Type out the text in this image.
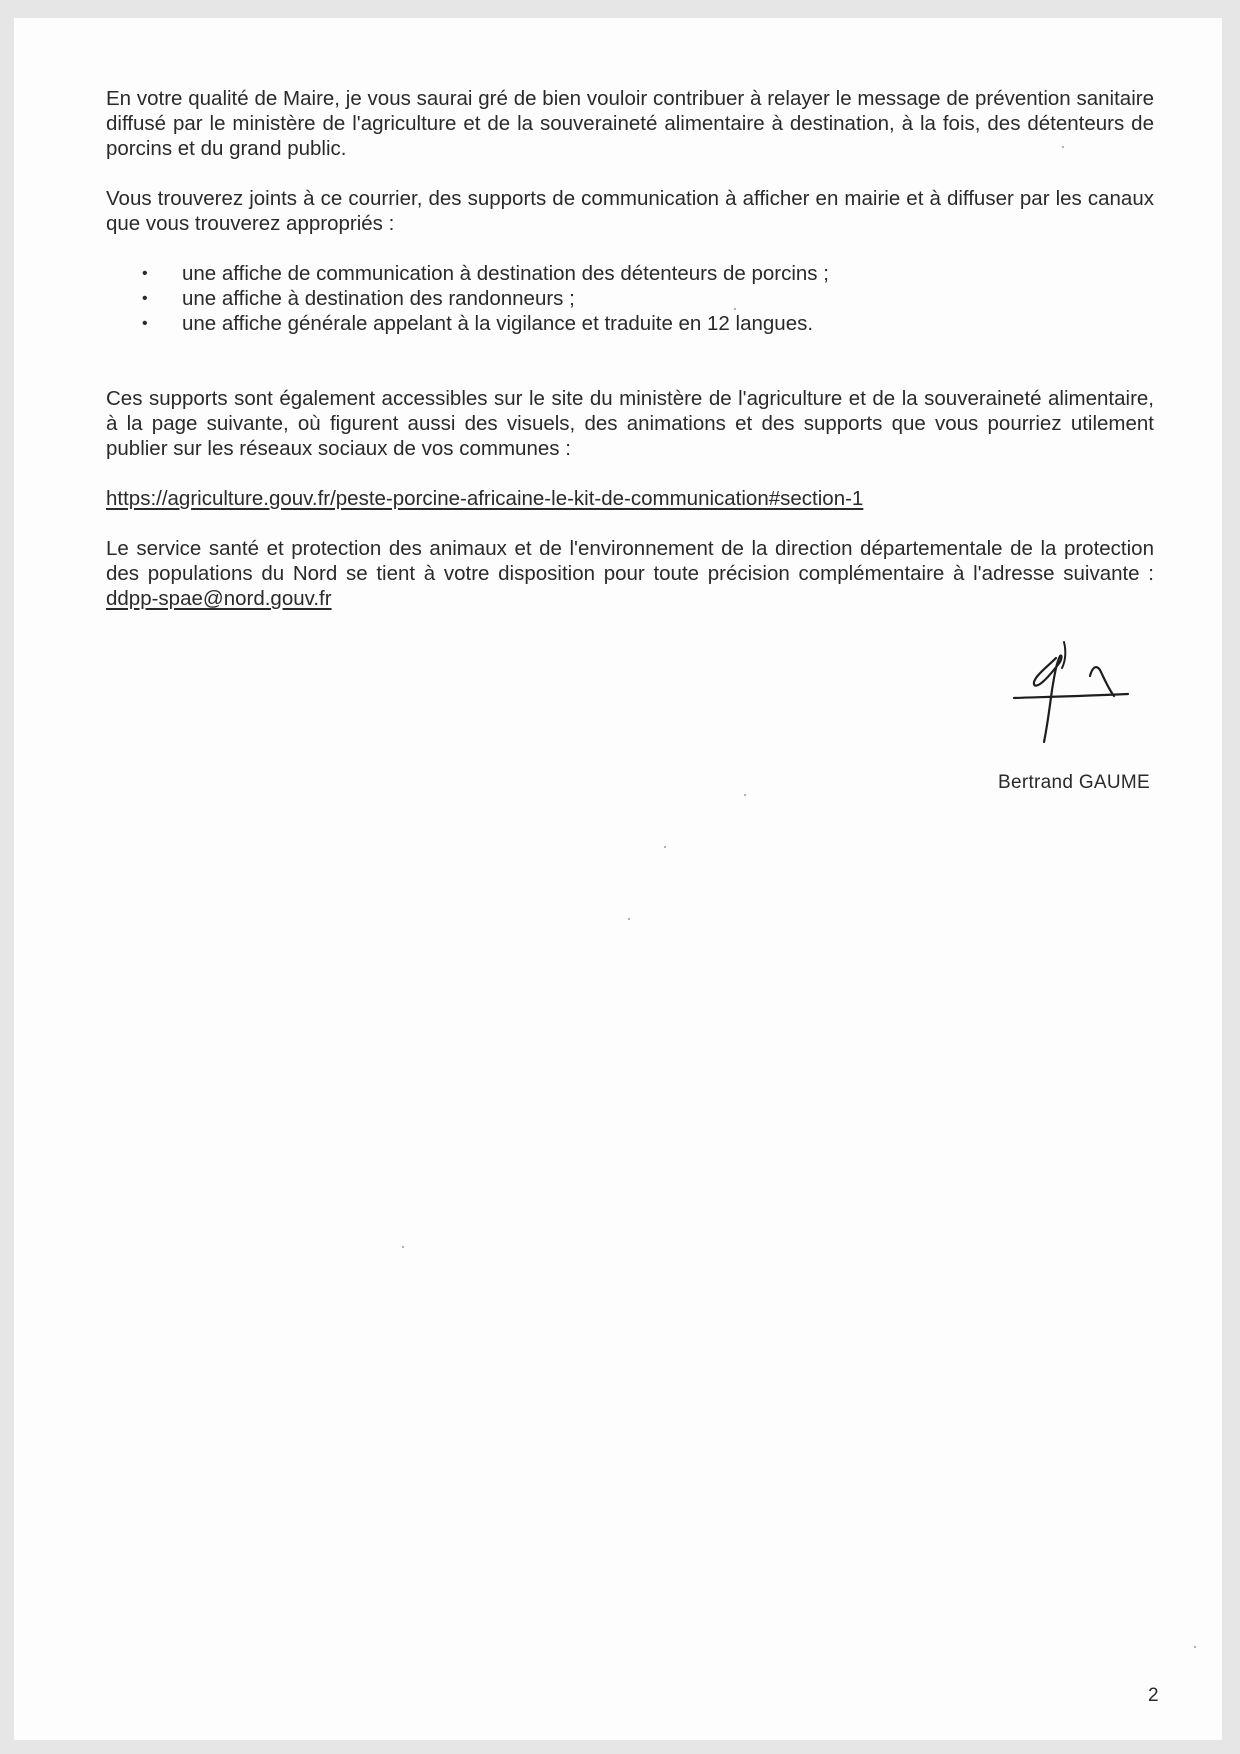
En votre qualité de Maire, je vous saurai gré de bien vouloir contribuer à relayer le message de prévention sanitaire diffusé par le ministère de l'agriculture et de la souveraineté alimentaire à destination, à la fois, des détenteurs de porcins et du grand public.

Vous trouverez joints à ce courrier, des supports de communication à afficher en mairie et à diffuser par les canaux que vous trouverez appropriés :

• une affiche de communication à destination des détenteurs de porcins ;
• une affiche à destination des randonneurs ;
• une affiche générale appelant à la vigilance et traduite en 12 langues.

Ces supports sont également accessibles sur le site du ministère de l'agriculture et de la souveraineté alimentaire, à la page suivante, où figurent aussi des visuels, des animations et des supports que vous pourriez utilement publier sur les réseaux sociaux de vos communes :

https://agriculture.gouv.fr/peste-porcine-africaine-le-kit-de-communication#section-1

Le service santé et protection des animaux et de l'environnement de la direction départementale de la protection des populations du Nord se tient à votre disposition pour toute précision complémentaire à l'adresse suivante : ddpp-spae@nord.gouv.fr

Bertrand GAUME
2
